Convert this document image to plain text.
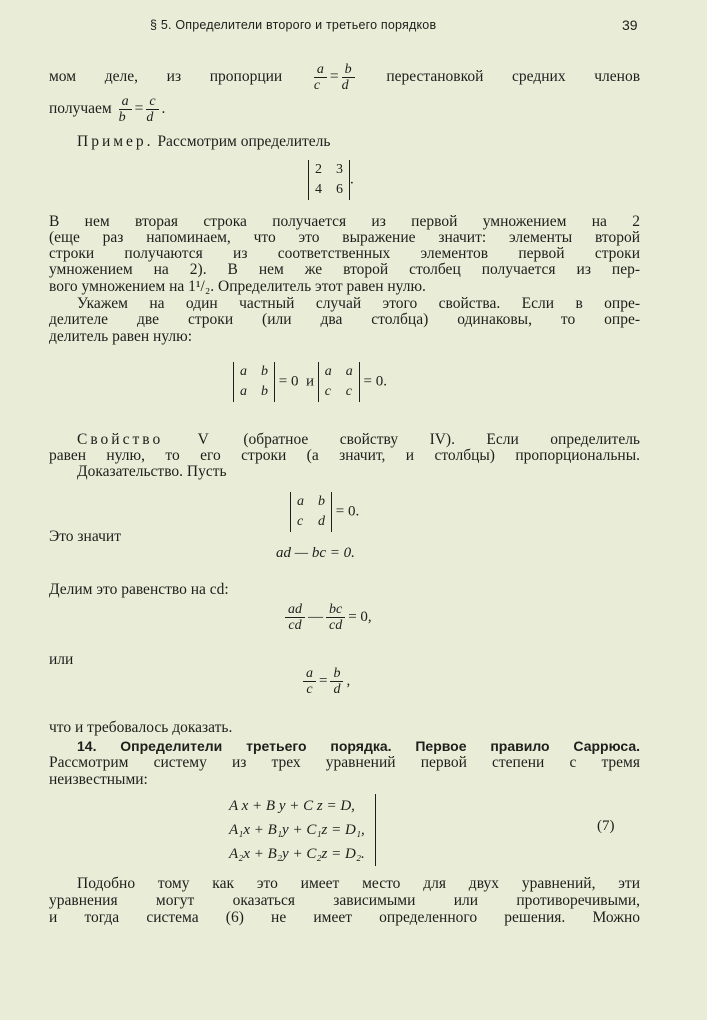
§ 5. Определители второго и третьего порядков	39
мом деле, из пропорции $\frac{a}{c} = \frac{b}{d}$ перестановкой средних членов
получаем $\frac{a}{b} = \frac{c}{d}$ .
Пример. Рассмотрим определитель
2 3
4 6
.
В нем вторая строка получается из первой умножением на 2
(еще раз напоминаем, что это выражение значит: элементы второй
строки получаются из соответственных элементов первой строки
умножением на 2). В нем же второй столбец получается из пер-
вого умножением на 1¹/₂. Определитель этот равен нулю.
Укажем на один частный случай этого свойства. Если в опре-
делителе две строки (или два столбца) одинаковы, то опре-
делитель равен нулю:
a b
a b
= 0  и
a a
c c
= 0.
Свойство V (обратное свойству IV). Если определитель
равен нулю, то его строки (а значит, и столбцы) пропорциональны.
Доказательство. Пусть
a b
c d
= 0.
Это значит
ad — bc = 0.
Делим это равенство на cd:
$\frac{ad}{cd}$ — $\frac{bc}{cd} = 0$,
или
$\frac{a}{c} = \frac{b}{d}$ ,
что и требовалось доказать.
14. Определители третьего порядка. Первое правило Саррюса.
Рассмотрим систему из трех уравнений первой степени с тремя
неизвестными:
A x + B y + C z = D,
A₁x + B₁y + C₁z = D₁,
A₂x + B₂y + C₂z = D₂.
(7)
Подобно тому как это имеет место для двух уравнений, эти
уравнения могут оказаться зависимыми или противоречивыми,
и тогда система (6) не имеет определенного решения. Можно
